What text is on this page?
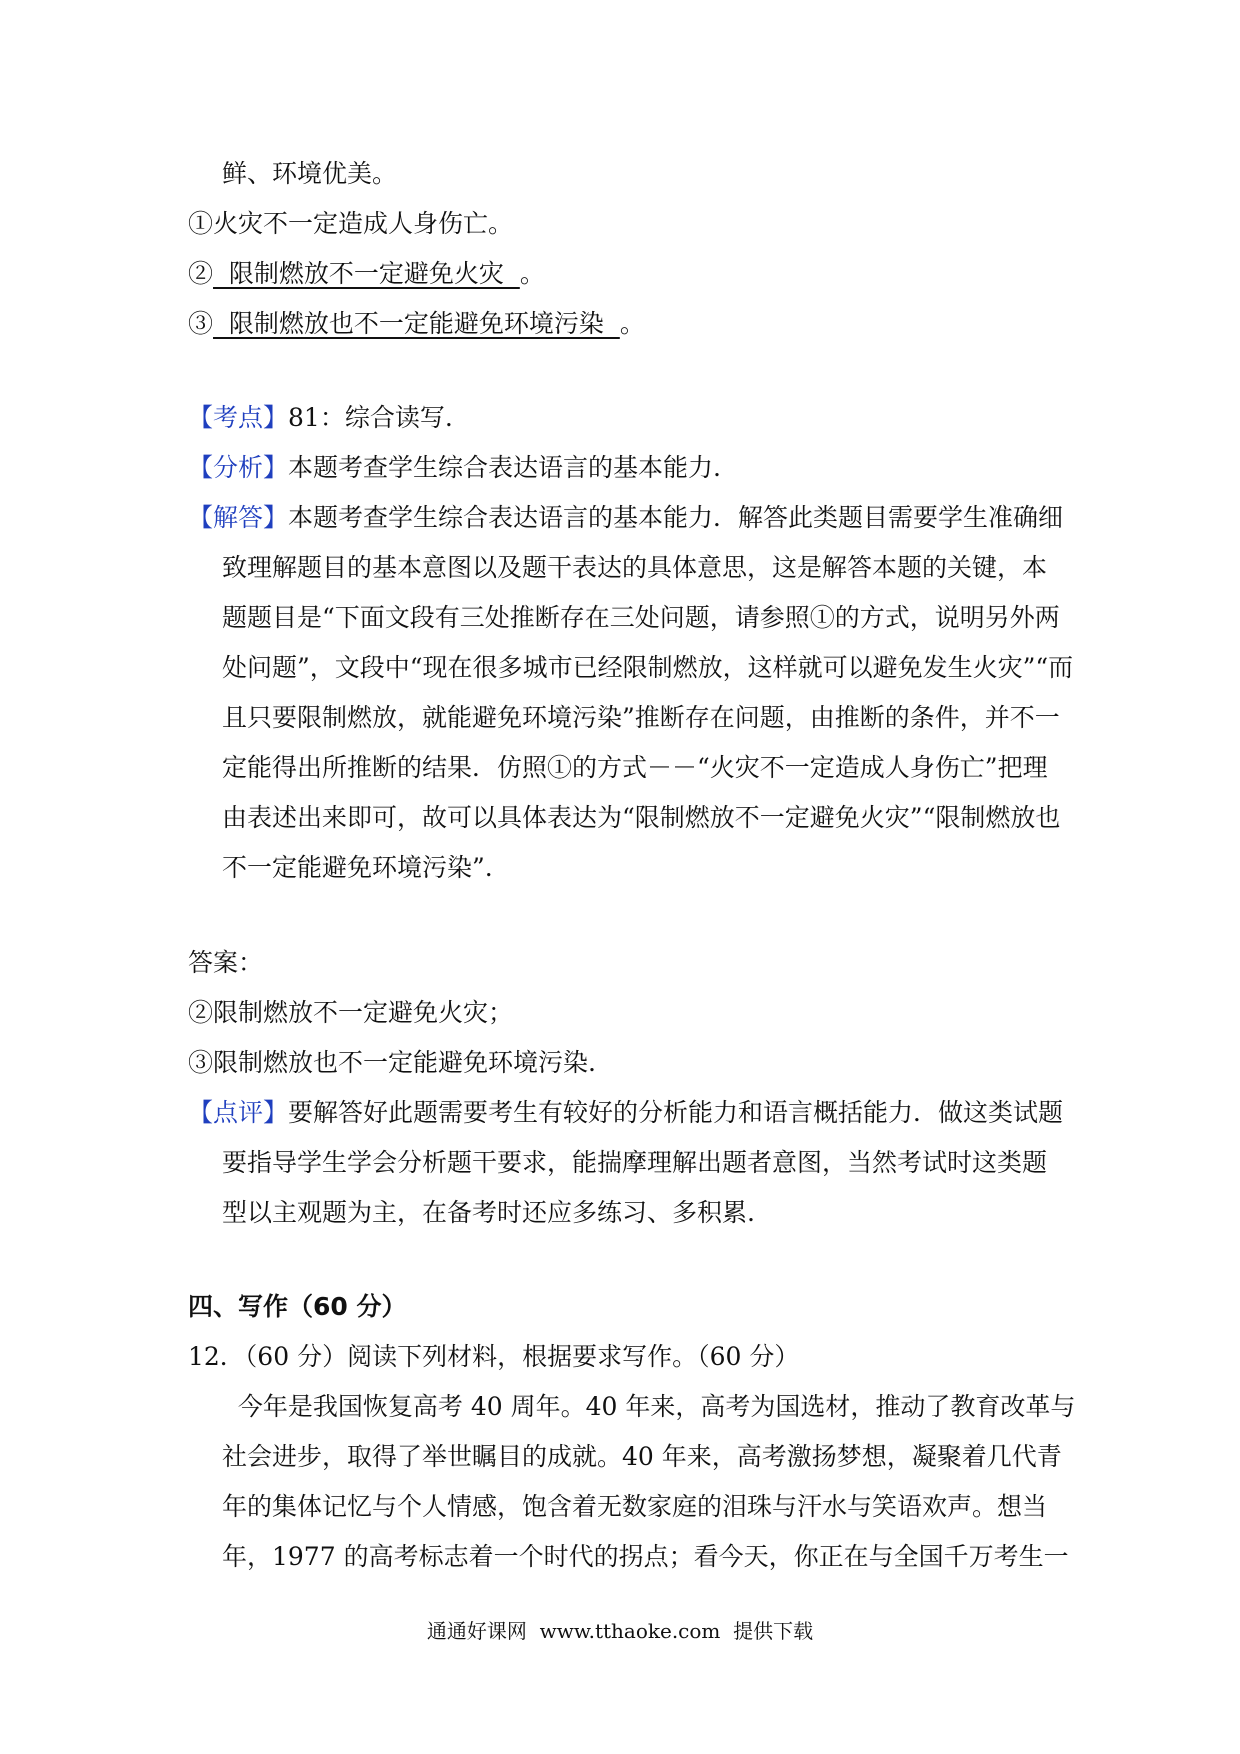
鲜、环境优美。
①火灾不一定造成人身伤亡。
②  限制燃放不一定避免火灾  。
③  限制燃放也不一定能避免环境污染  。
【考点】81：综合读写.
【分析】本题考查学生综合表达语言的基本能力.
【解答】本题考查学生综合表达语言的基本能力．解答此类题目需要学生准确细
致理解题目的基本意图以及题干表达的具体意思，这是解答本题的关键，本
题题目是“下面文段有三处推断存在三处问题，请参照①的方式，说明另外两
处问题”，文段中“现在很多城市已经限制燃放，这样就可以避免发生火灾”“而
且只要限制燃放，就能避免环境污染”推断存在问题，由推断的条件，并不一
定能得出所推断的结果．仿照①的方式－－“火灾不一定造成人身伤亡”把理
由表述出来即可，故可以具体表达为“限制燃放不一定避免火灾”“限制燃放也
不一定能避免环境污染”.
答案：
②限制燃放不一定避免火灾；
③限制燃放也不一定能避免环境污染.
【点评】要解答好此题需要考生有较好的分析能力和语言概括能力．做这类试题
要指导学生学会分析题干要求，能揣摩理解出题者意图，当然考试时这类题
型以主观题为主，在备考时还应多练习、多积累.
四、写作（60 分）
12．（60 分）阅读下列材料，根据要求写作。（60 分）
今年是我国恢复高考 40 周年。40 年来，高考为国选材，推动了教育改革与
社会进步，取得了举世瞩目的成就。40 年来，高考激扬梦想，凝聚着几代青
年的集体记忆与个人情感，饱含着无数家庭的泪珠与汗水与笑语欢声。想当
年，1977 的高考标志着一个时代的拐点；看今天，你正在与全国千万考生一
通通好课网  www.tthaoke.com  提供下载
